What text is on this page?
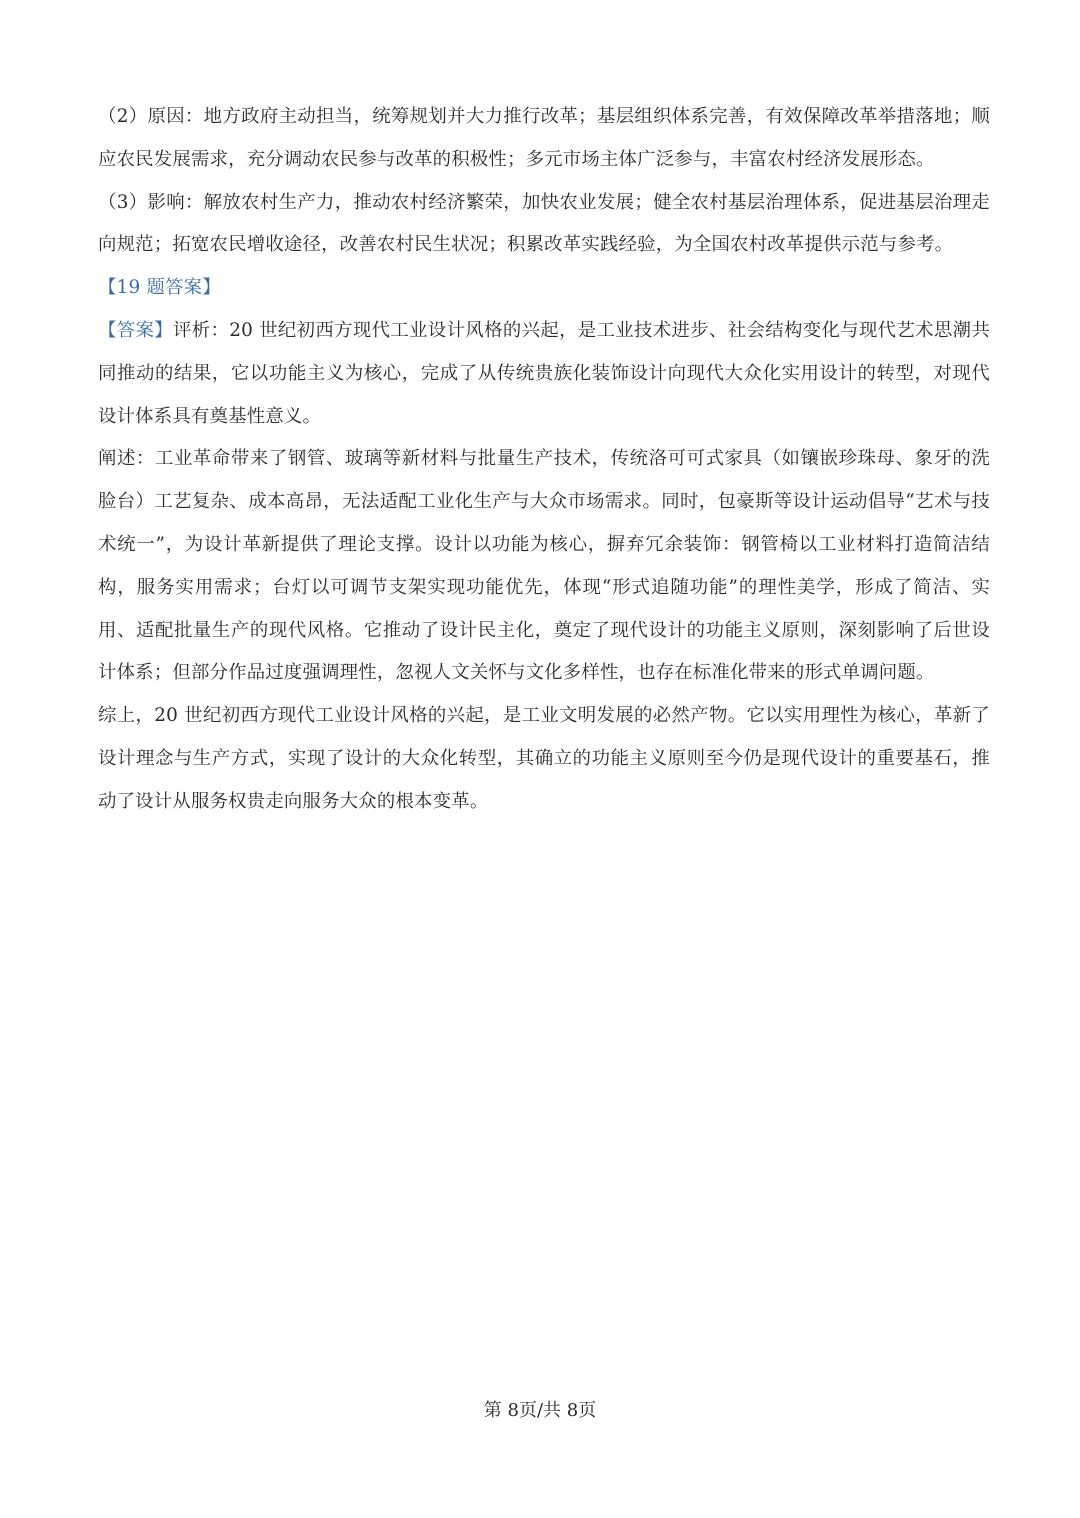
（2）原因：地方政府主动担当，统筹规划并大力推行改革；基层组织体系完善，有效保障改革举措落地；顺应农民发展需求，充分调动农民参与改革的积极性；多元市场主体广泛参与，丰富农村经济发展形态。

（3）影响：解放农村生产力，推动农村经济繁荣，加快农业发展；健全农村基层治理体系，促进基层治理走向规范；拓宽农民增收途径，改善农村民生状况；积累改革实践经验，为全国农村改革提供示范与参考。

【19 题答案】

【答案】评析：20 世纪初西方现代工业设计风格的兴起，是工业技术进步、社会结构变化与现代艺术思潮共同推动的结果，它以功能主义为核心，完成了从传统贵族化装饰设计向现代大众化实用设计的转型，对现代设计体系具有奠基性意义。

阐述：工业革命带来了钢管、玻璃等新材料与批量生产技术，传统洛可可式家具（如镶嵌珍珠母、象牙的洗脸台）工艺复杂、成本高昂，无法适配工业化生产与大众市场需求。同时，包豪斯等设计运动倡导“艺术与技术统一”，为设计革新提供了理论支撑。设计以功能为核心，摒弃冗余装饰：钢管椅以工业材料打造简洁结构，服务实用需求；台灯以可调节支架实现功能优先，体现“形式追随功能”的理性美学，形成了简洁、实用、适配批量生产的现代风格。它推动了设计民主化，奠定了现代设计的功能主义原则，深刻影响了后世设计体系；但部分作品过度强调理性，忽视人文关怀与文化多样性，也存在标准化带来的形式单调问题。

综上，20 世纪初西方现代工业设计风格的兴起，是工业文明发展的必然产物。它以实用理性为核心，革新了设计理念与生产方式，实现了设计的大众化转型，其确立的功能主义原则至今仍是现代设计的重要基石，推动了设计从服务权贵走向服务大众的根本变革。

第 8页/共 8页
